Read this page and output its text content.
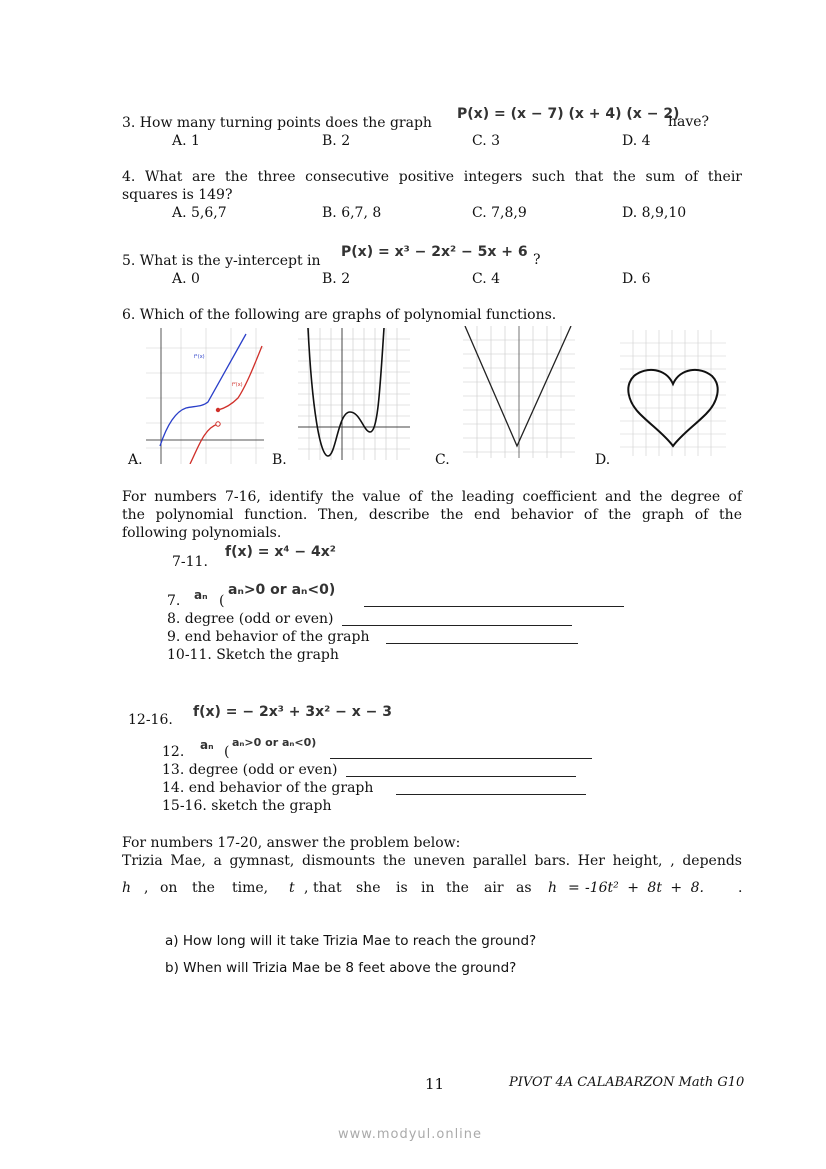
3. How many turning points does the graph
P(x) = (x − 7) (x + 4) (x − 2)
have?
A. 1	B. 2	C. 3	D. 4
4. What are the three consecutive positive integers such that the sum of their
squares is 149?
A. 5,6,7	B. 6,7, 8	C. 7,8,9	D. 8,9,10
5. What is the y-intercept in
P(x) = x³ − 2x² − 5x + 6 ?
A. 0	B. 2	C. 4	D. 6
6. Which of the following are graphs of polynomial functions.
f¹(x)
f²(x)
A.	B.	C.	D.
For numbers 7-16, identify the value of the leading coefficient and the degree of
the polynomial function. Then, describe the end behavior of the graph of the
following polynomials.
7-11.
f(x) = x⁴ − 4x²
7. aₙ (
aₙ>0 or aₙ<0)
8. degree (odd or even)
9. end behavior of the graph
10-11. Sketch the graph
12-16. f(x) = − 2x³ + 3x² − x − 3
12. aₙ (
aₙ>0 or aₙ<0)
13. degree (odd or even)
14. end behavior of the graph
15-16. sketch the graph
For numbers 17-20, answer the problem below:
Trizia Mae, a gymnast, dismounts the uneven parallel bars. Her height, , depends
h , on the time, t , that she is in the air as h = -16t² + 8t + 8. .
a) How long will it take Trizia Mae to reach the ground?
b) When will Trizia Mae be 8 feet above the ground?
11	PIVOT 4A CALABARZON Math G10
www.modyul.online
